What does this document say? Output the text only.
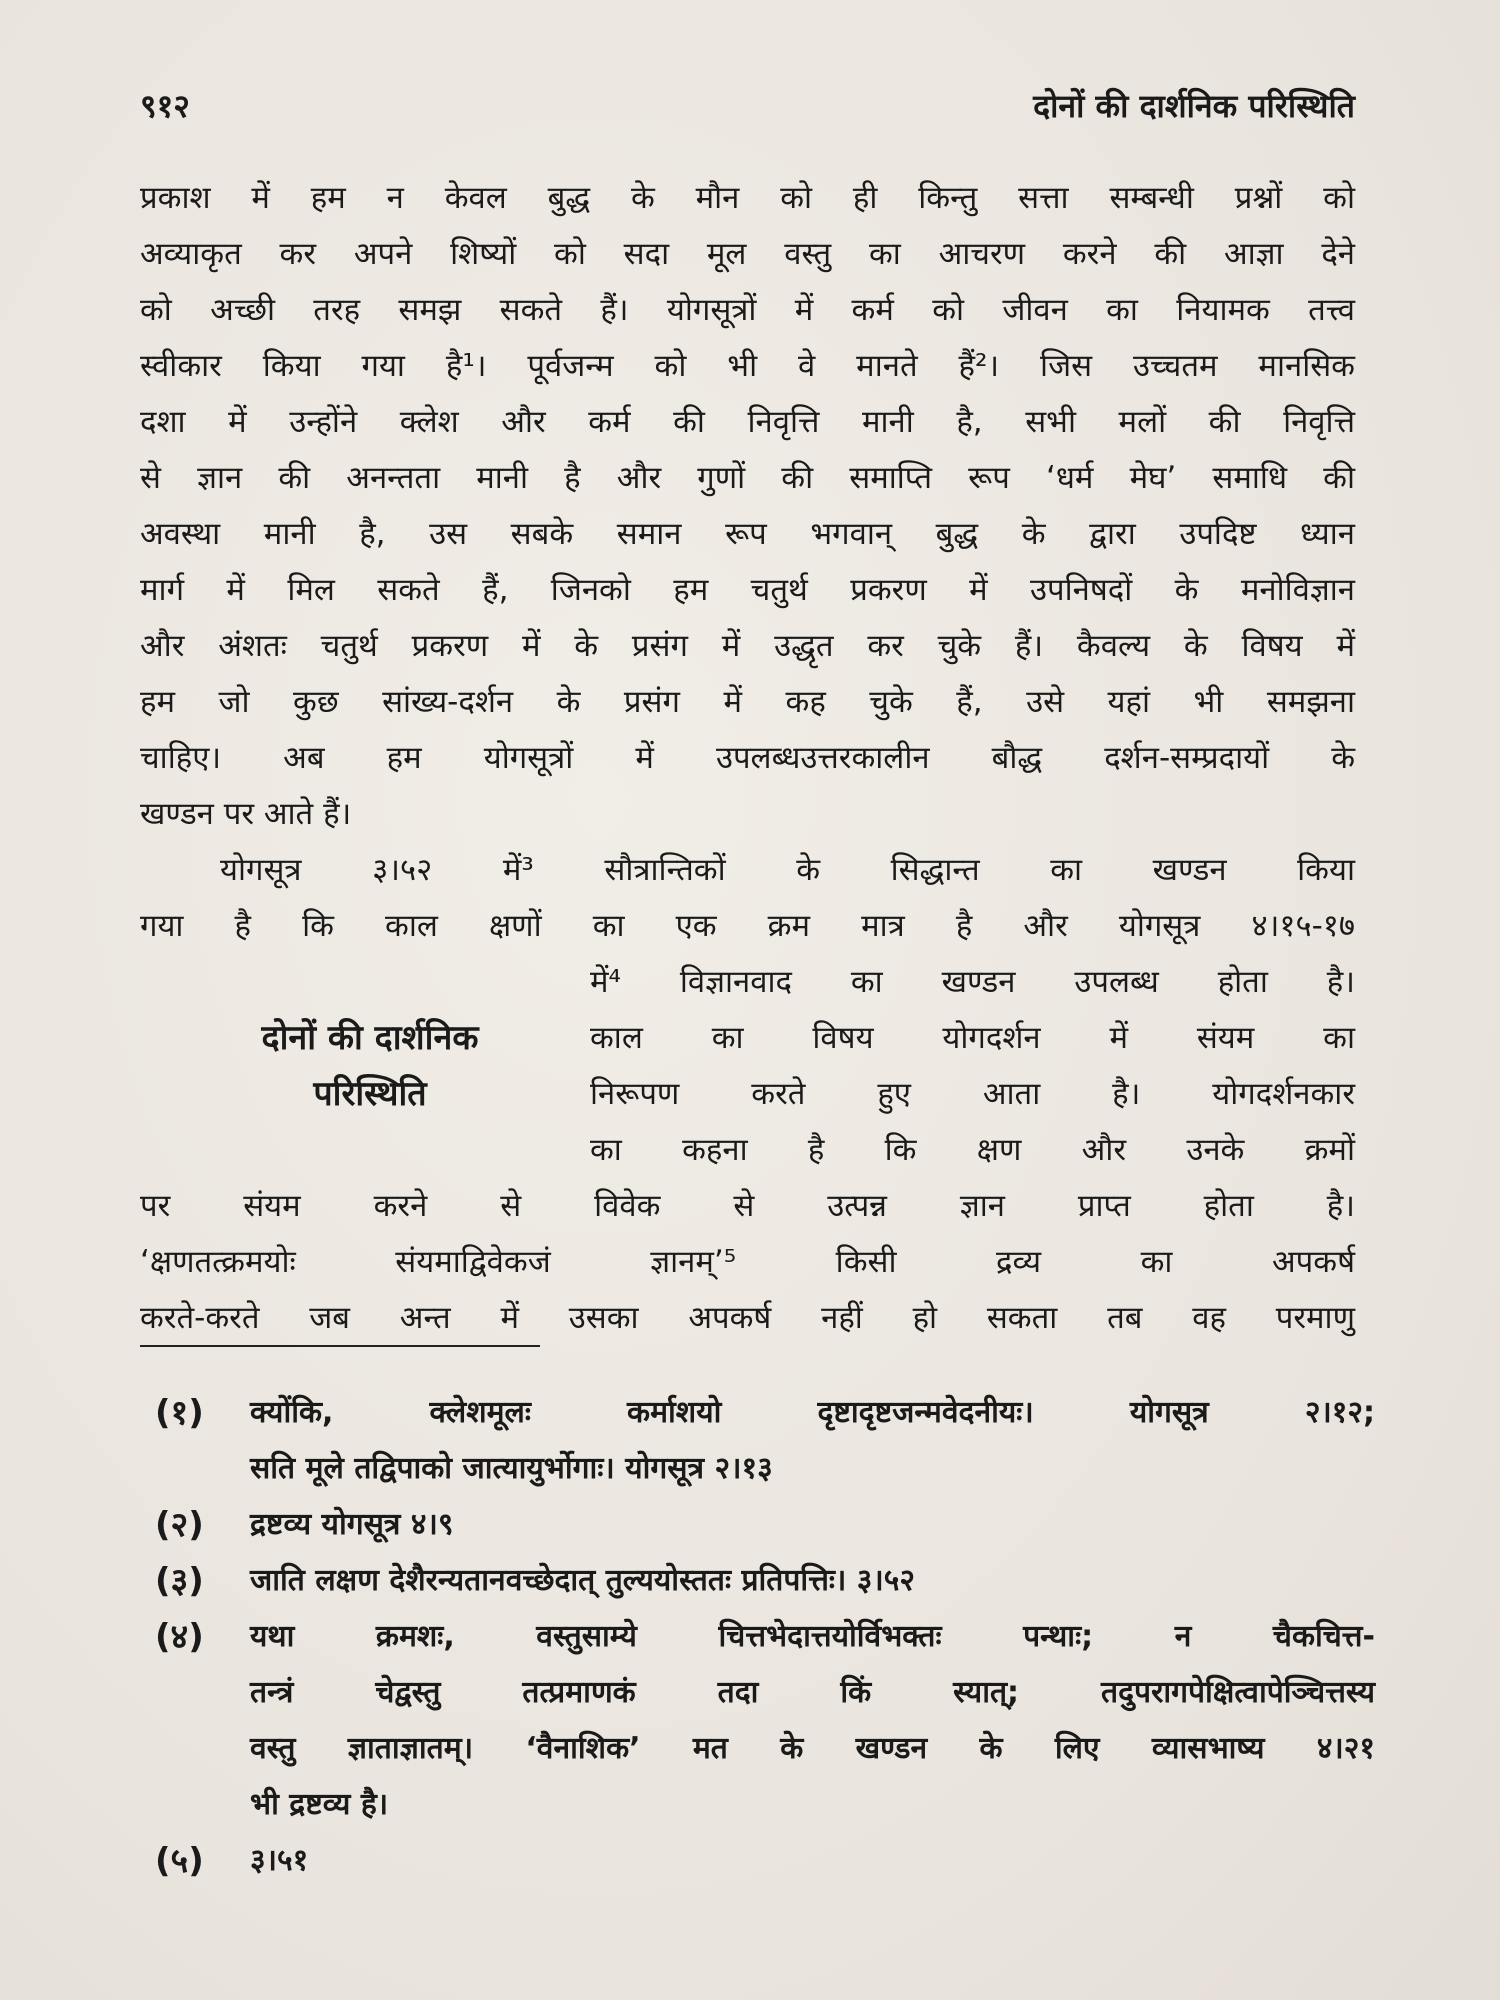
९१२	दोनों की दार्शनिक परिस्थिति
प्रकाश में हम न केवल बुद्ध के मौन को ही किन्तु सत्ता सम्बन्धी प्रश्नों को
अव्याकृत कर अपने शिष्यों को सदा मूल वस्तु का आचरण करने की आज्ञा देने
को अच्छी तरह समझ सकते हैं। योगसूत्रों में कर्म को जीवन का नियामक तत्त्व
स्वीकार किया गया है¹। पूर्वजन्म को भी वे मानते हैं²। जिस उच्चतम मानसिक
दशा में उन्होंने क्लेश और कर्म की निवृत्ति मानी है, सभी मलों की निवृत्ति
से ज्ञान की अनन्तता मानी है और गुणों की समाप्ति रूप ‘धर्म मेघ’ समाधि की
अवस्था मानी है, उस सबके समान रूप भगवान् बुद्ध के द्वारा उपदिष्ट ध्यान
मार्ग में मिल सकते हैं, जिनको हम चतुर्थ प्रकरण में उपनिषदों के मनोविज्ञान
और अंशतः चतुर्थ प्रकरण में के प्रसंग में उद्धृत कर चुके हैं। कैवल्य के विषय में
हम जो कुछ सांख्य-दर्शन के प्रसंग में कह चुके हैं, उसे यहां भी समझना
चाहिए। अब हम योगसूत्रों में उपलब्धउत्तरकालीन बौद्ध दर्शन-सम्प्रदायों के
खण्डन पर आते हैं।
योगसूत्र ३।५२ में³ सौत्रान्तिकों के सिद्धान्त का खण्डन किया
गया है कि काल क्षणों का एक क्रम मात्र है और योगसूत्र ४।१५-१७
में⁴ विज्ञानवाद का खण्डन उपलब्ध होता है।
दोनों की दार्शनिक
परिस्थिति
काल का विषय योगदर्शन में संयम का
निरूपण करते हुए आता है। योगदर्शनकार
का कहना है कि क्षण और उनके क्रमों
पर संयम करने से विवेक से उत्पन्न ज्ञान प्राप्त होता है।
‘क्षणतत्क्रमयोः संयमाद्विवेकजं ज्ञानम्’⁵ किसी द्रव्य का अपकर्ष
करते-करते जब अन्त में उसका अपकर्ष नहीं हो सकता तब वह परमाणु
(१) क्योंकि, क्लेशमूलः कर्माशयो दृष्टादृष्टजन्मवेदनीयः। योगसूत्र २।१२;
सति मूले तद्विपाको जात्यायुर्भोगाः। योगसूत्र २।१३
(२) द्रष्टव्य योगसूत्र ४।९
(३) जाति लक्षण देशैरन्यतानवच्छेदात् तुल्ययोस्ततः प्रतिपत्तिः। ३।५२
(४) यथा क्रमशः, वस्तुसाम्ये चित्तभेदात्तयोर्विभक्तः पन्थाः; न चैकचित्त-
तन्त्रं चेद्वस्तु तत्प्रमाणकं तदा किं स्यात्; तदुपरागपेक्षित्वापेञ्चित्तस्य
वस्तु ज्ञाताज्ञातम्। ‘वैनाशिक’ मत के खण्डन के लिए व्यासभाष्य ४।२१
भी द्रष्टव्य है।
(५) ३।५१
